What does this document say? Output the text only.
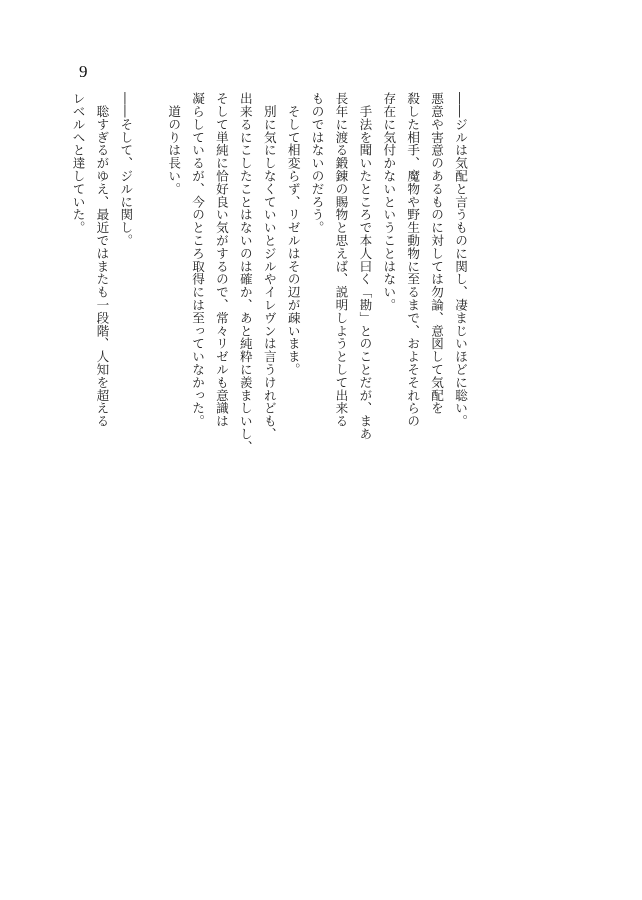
9
――ジルは気配と言うものに関し、凄まじいほどに聡い。
悪意や害意のあるものに対しては勿論、意図して気配を
殺した相手、魔物や野生動物に至るまで、およそそれらの
存在に気付かないということはない。
　手法を聞いたところで本人曰く「勘」とのことだが、まあ
長年に渡る鍛錬の賜物と思えば、説明しようとして出来る
ものではないのだろう。
　そして相変らず、リゼルはその辺が疎いまま。
　別に気にしなくていいとジルやイレヴンは言うけれども、
出来るにこしたことはないのは確か、あと純粋に羨ましいし、
そして単純に恰好良い気がするので、常々リゼルも意識は
凝らしているが、今のところ取得には至っていなかった。
　道のりは長い。
――そして、ジルに関し。
　聡すぎるがゆえ、最近ではまたも一段階、人知を超える
レベルへと達していた。
